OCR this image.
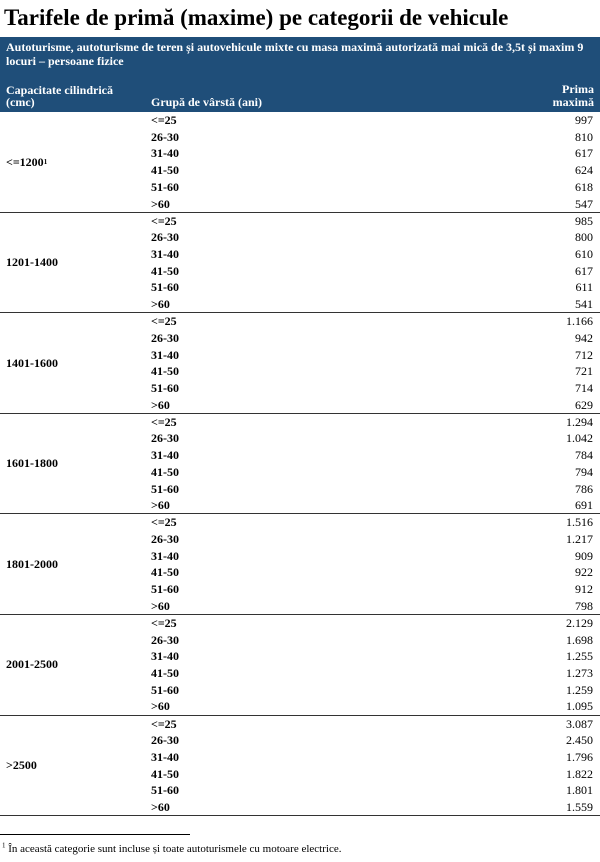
Tarifele de primă (maxime) pe categorii de vehicule
Autoturisme, autoturisme de teren și autovehicule mixte cu masa maximă autorizată mai mică de 3,5t și maxim 9 locuri – persoane fizice
Capacitate cilindrică
(cmc)	Grupă de vârstă (ani)
Prima
maximă
<=1200 1
<=25	997
26-30	810
31-40	617
41-50	624
51-60	618
>60	547
1201-1400
<=25	985
26-30	800
31-40	610
41-50	617
51-60	611
>60	541
1401-1600
<=25	1.166
26-30	942
31-40	712
41-50	721
51-60	714
>60	629
1601-1800
<=25	1.294
26-30	1.042
31-40	784
41-50	794
51-60	786
>60	691
1801-2000
<=25	1.516
26-30	1.217
31-40	909
41-50	922
51-60	912
>60	798
2001-2500
<=25	2.129
26-30	1.698
31-40	1.255
41-50	1.273
51-60	1.259
>60	1.095
>2500
<=25	3.087
26-30	2.450
31-40	1.796
41-50	1.822
51-60	1.801
>60	1.559
$^1$ În această categorie sunt incluse și toate autoturismele cu motoare electrice.
